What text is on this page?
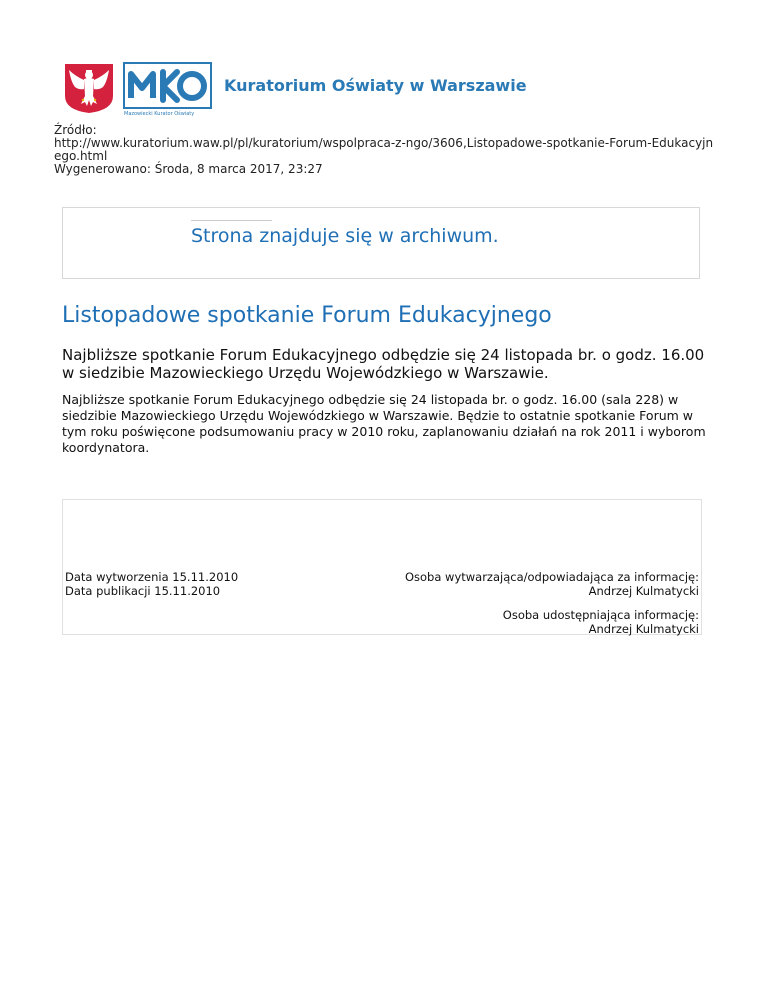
Mazowiecki Kurator Oświaty
Kuratorium Oświaty w Warszawie
Źródło:
http://www.kuratorium.waw.pl/pl/kuratorium/wspolpraca-z-ngo/3606,Listopadowe-spotkanie-Forum-Edukacyjnego.html
Wygenerowano: Środa, 8 marca 2017, 23:27
Strona znajduje się w archiwum.
Listopadowe spotkanie Forum Edukacyjnego
Najbliższe spotkanie Forum Edukacyjnego odbędzie się 24 listopada br. o godz. 16.00 w siedzibie Mazowieckiego Urzędu Wojewódzkiego w Warszawie.
Najbliższe spotkanie Forum Edukacyjnego odbędzie się 24 listopada br. o godz. 16.00 (sala 228) w siedzibie Mazowieckiego Urzędu Wojewódzkiego w Warszawie. Będzie to ostatnie spotkanie Forum w tym roku poświęcone podsumowaniu pracy w 2010 roku, zaplanowaniu działań na rok 2011 i wyborom koordynatora.
Data wytworzenia 15.11.2010
Data publikacji 15.11.2010
Osoba wytwarzająca/odpowiadająca za informację:
Andrzej Kulmatycki
Osoba udostępniająca informację:
Andrzej Kulmatycki
